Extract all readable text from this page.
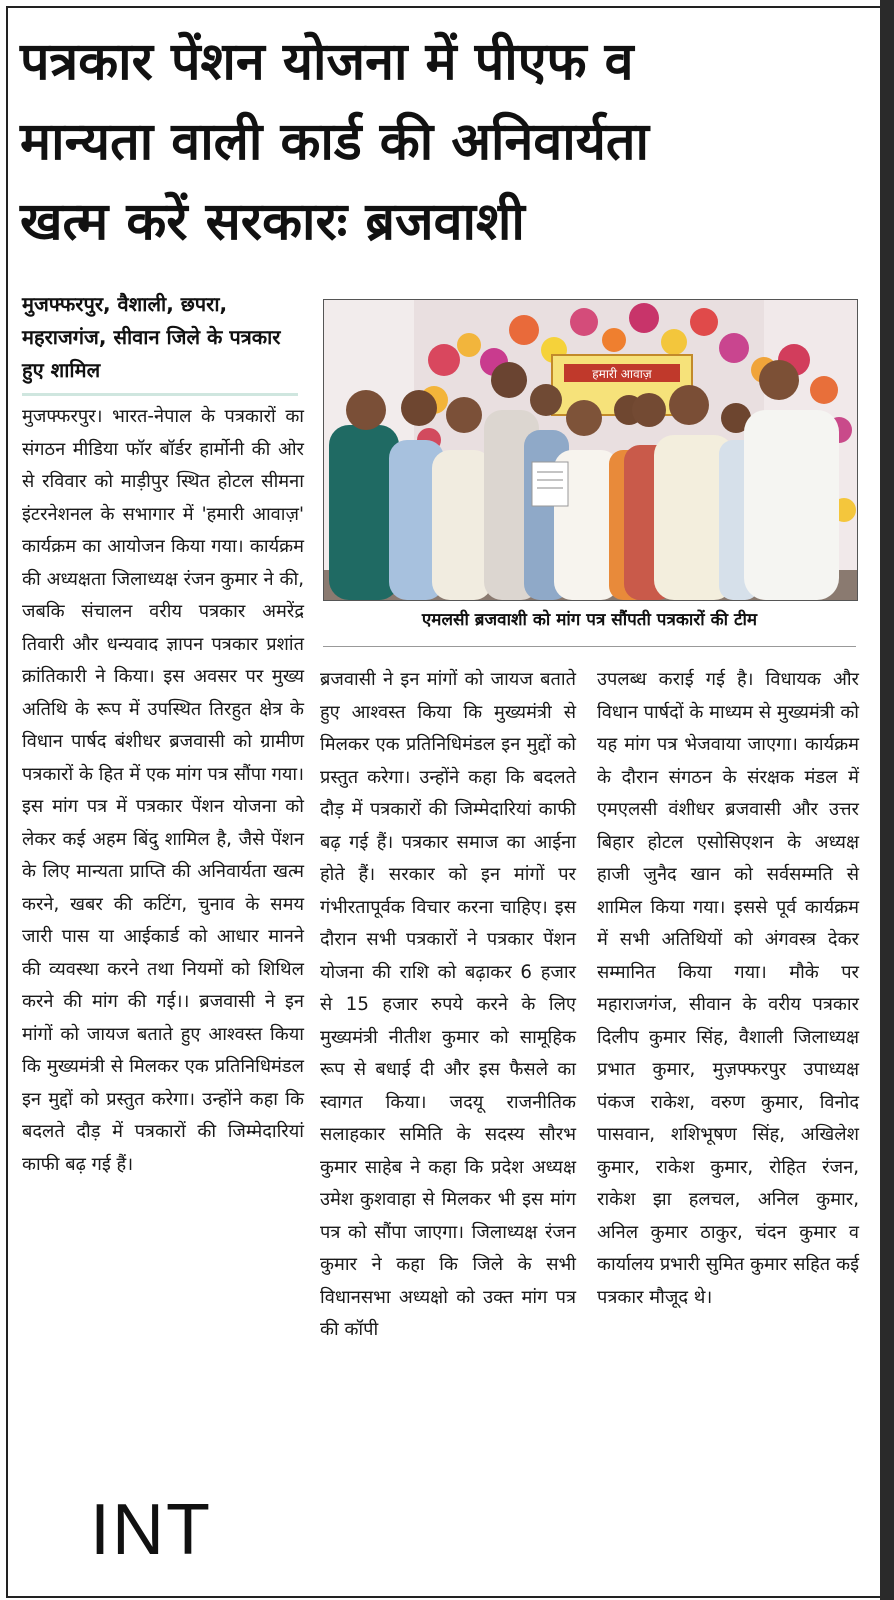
पत्रकार पेंशन योजना में पीएफ व
मान्यता वाली कार्ड की अनिवार्यता
खत्म करें सरकारः ब्रजवाशी
मुजफ्फरपुर, वैशाली, छपरा, महराजगंज, सीवान जिले के पत्रकार हुए शामिल
मुजफ्फरपुर। भारत-नेपाल के पत्रकारों का संगठन मीडिया फॉर बॉर्डर हार्मोनी की ओर से रविवार को माड़ीपुर स्थित होटल सीमना इंटरनेशनल के सभागार में 'हमारी आवाज़' कार्यक्रम का आयोजन किया गया। कार्यक्रम की अध्यक्षता जिलाध्यक्ष रंजन कुमार ने की, जबकि संचालन वरीय पत्रकार अमरेंद्र तिवारी और धन्यवाद ज्ञापन पत्रकार प्रशांत क्रांतिकारी ने किया। इस अवसर पर मुख्य अतिथि के रूप में उपस्थित तिरहुत क्षेत्र के विधान पार्षद बंशीधर ब्रजवासी को ग्रामीण पत्रकारों के हित में एक मांग पत्र सौंपा गया। इस मांग पत्र में पत्रकार पेंशन योजना को लेकर कई अहम बिंदु शामिल है, जैसे पेंशन के लिए मान्यता प्राप्ति की अनिवार्यता खत्म करने, खबर की कटिंग, चुनाव के समय जारी पास या आईकार्ड को आधार मानने की व्यवस्था करने तथा नियमों को शिथिल करने की मांग की गई।। ब्रजवासी ने इन मांगों को जायज बताते हुए आश्वस्त किया कि मुख्यमंत्री से मिलकर एक प्रतिनिधिमंडल इन मुद्दों को प्रस्तुत करेगा। उन्होंने कहा कि बदलते दौड़ में पत्रकारों की जिम्मेदारियां काफी बढ़ गई हैं।
हमारी आवाज़
एमलसी ब्रजवाशी को मांग पत्र सौंपती पत्रकारों की टीम
ब्रजवासी ने इन मांगों को जायज बताते हुए आश्वस्त किया कि मुख्यमंत्री से मिलकर एक प्रतिनिधिमंडल इन मुद्दों को प्रस्तुत करेगा। उन्होंने कहा कि बदलते दौड़ में पत्रकारों की जिम्मेदारियां काफी बढ़ गई हैं। पत्रकार समाज का आईना होते हैं। सरकार को इन मांगों पर गंभीरतापूर्वक विचार करना चाहिए। इस दौरान सभी पत्रकारों ने पत्रकार पेंशन योजना की राशि को बढ़ाकर 6 हजार से 15 हजार रुपये करने के लिए मुख्यमंत्री नीतीश कुमार को सामूहिक रूप से बधाई दी और इस फैसले का स्वागत किया। जदयू राजनीतिक सलाहकार समिति के सदस्य सौरभ कुमार साहेब ने कहा कि प्रदेश अध्यक्ष उमेश कुशवाहा से मिलकर भी इस मांग पत्र को सौंपा जाएगा। जिलाध्यक्ष रंजन कुमार ने कहा कि जिले के सभी विधानसभा अध्यक्षो को उक्त मांग पत्र की कॉपी
उपलब्ध कराई गई है। विधायक और विधान पार्षदों के माध्यम से मुख्यमंत्री को यह मांग पत्र भेजवाया जाएगा। कार्यक्रम के दौरान संगठन के संरक्षक मंडल में एमएलसी वंशीधर ब्रजवासी और उत्तर बिहार होटल एसोसिएशन के अध्यक्ष हाजी जुनैद खान को सर्वसम्मति से शामिल किया गया। इससे पूर्व कार्यक्रम में सभी अतिथियों को अंगवस्त्र देकर सम्मानित किया गया। मौके पर महाराजगंज, सीवान के वरीय पत्रकार दिलीप कुमार सिंह, वैशाली जिलाध्यक्ष प्रभात कुमार, मुज़फ्फरपुर उपाध्यक्ष पंकज राकेश, वरुण कुमार, विनोद पासवान, शशिभूषण सिंह, अखिलेश कुमार, राकेश कुमार, रोहित रंजन, राकेश झा हलचल, अनिल कुमार, अनिल कुमार ठाकुर, चंदन कुमार व कार्यालय प्रभारी सुमित कुमार सहित कई पत्रकार मौजूद थे।
INT
